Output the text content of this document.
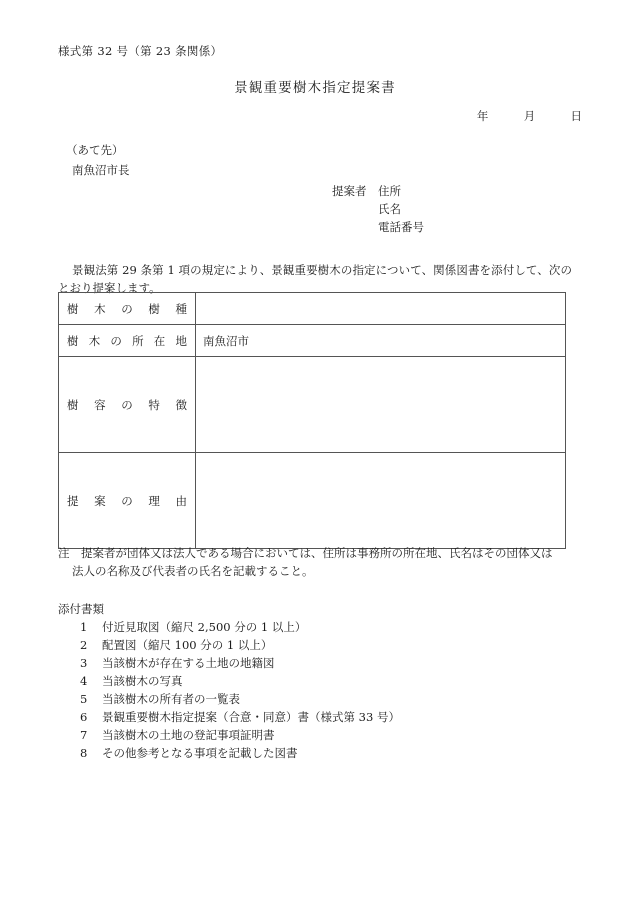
様式第 32 号（第 23 条関係）
景観重要樹木指定提案書
年	月	日
（あて先）
南魚沼市長
提案者 住所
氏名
電話番号
景観法第 29 条第 1 項の規定により、景観重要樹木の指定について、関係図書を添付して、次のとおり提案します。
樹 木 の 樹 種	

樹 木 の 所 在 地	南魚沼市

樹 容 の 特 徴	

提 案 の 理 由	

注　提案者が団体又は法人である場合においては、住所は事務所の所在地、氏名はその団体又は
法人の名称及び代表者の氏名を記載すること。
添付書類
1 付近見取図（縮尺 2,500 分の 1 以上）
2 配置図（縮尺 100 分の 1 以上）
3 当該樹木が存在する土地の地籍図
4 当該樹木の写真
5 当該樹木の所有者の一覧表
6 景観重要樹木指定提案（合意・同意）書（様式第 33 号）
7 当該樹木の土地の登記事項証明書
8 その他参考となる事項を記載した図書
